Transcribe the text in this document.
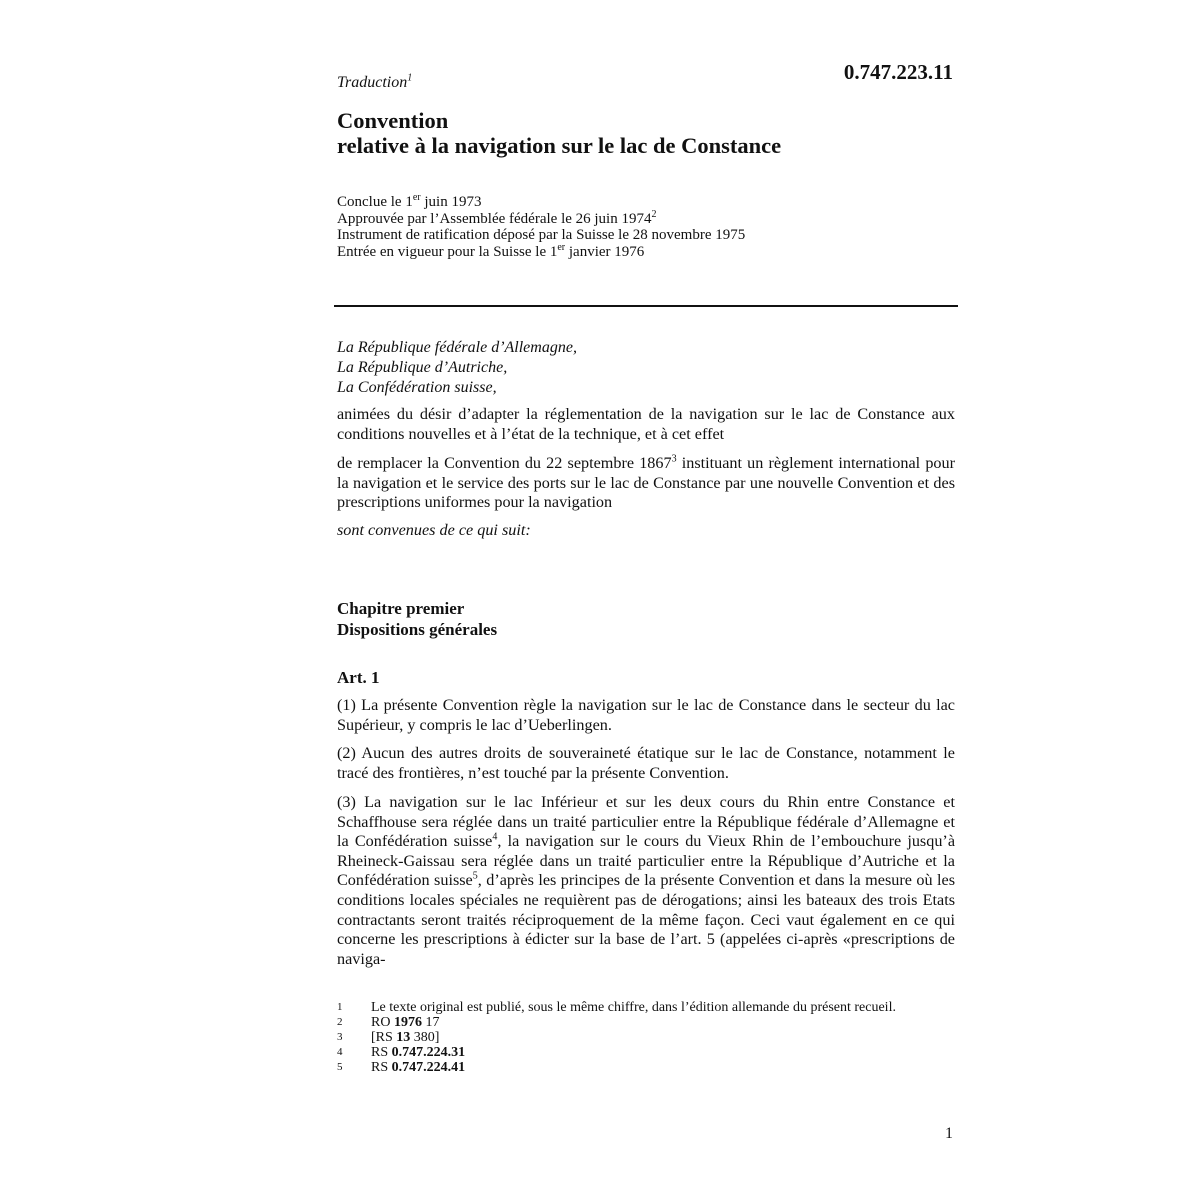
0.747.223.11
Traduction$^1$
Convention
relative à la navigation sur le lac de Constance
Conclue le 1er juin 1973
Approuvée par l’Assemblée fédérale le 26 juin 1974$^2$
Instrument de ratification déposé par la Suisse le 28 novembre 1975
Entrée en vigueur pour la Suisse le 1er janvier 1976
La République fédérale d’Allemagne,
La République d’Autriche,
La Confédération suisse,
animées du désir d’adapter la réglementation de la navigation sur le lac de Constance aux conditions nouvelles et à l’état de la technique, et à cet effet
de remplacer la Convention du 22 septembre 1867$^3$ instituant un règlement international pour la navigation et le service des ports sur le lac de Constance par une nouvelle Convention et des prescriptions uniformes pour la navigation
sont convenues de ce qui suit:
Chapitre premier
Dispositions générales
Art. 1
(1) La présente Convention règle la navigation sur le lac de Constance dans le secteur du lac Supérieur, y compris le lac d’Ueberlingen.
(2) Aucun des autres droits de souveraineté étatique sur le lac de Constance, notamment le tracé des frontières, n’est touché par la présente Convention.
(3) La navigation sur le lac Inférieur et sur les deux cours du Rhin entre Constance et Schaffhouse sera réglée dans un traité particulier entre la République fédérale d’Allemagne et la Confédération suisse$^4$, la navigation sur le cours du Vieux Rhin de l’embouchure jusqu’à Rheineck-Gaissau sera réglée dans un traité particulier entre la République d’Autriche et la Confédération suisse$^5$, d’après les principes de la présente Convention et dans la mesure où les conditions locales spéciales ne requièrent pas de dérogations; ainsi les bateaux des trois Etats contractants seront traités réciproquement de la même façon. Ceci vaut également en ce qui concerne les prescriptions à édicter sur la base de l’art. 5 (appelées ci-après «prescriptions de naviga-
1	Le texte original est publié, sous le même chiffre, dans l’édition allemande du présent recueil.
2	RO 1976 17
3	[RS 13 380]
4	RS 0.747.224.31
5	RS 0.747.224.41
1
